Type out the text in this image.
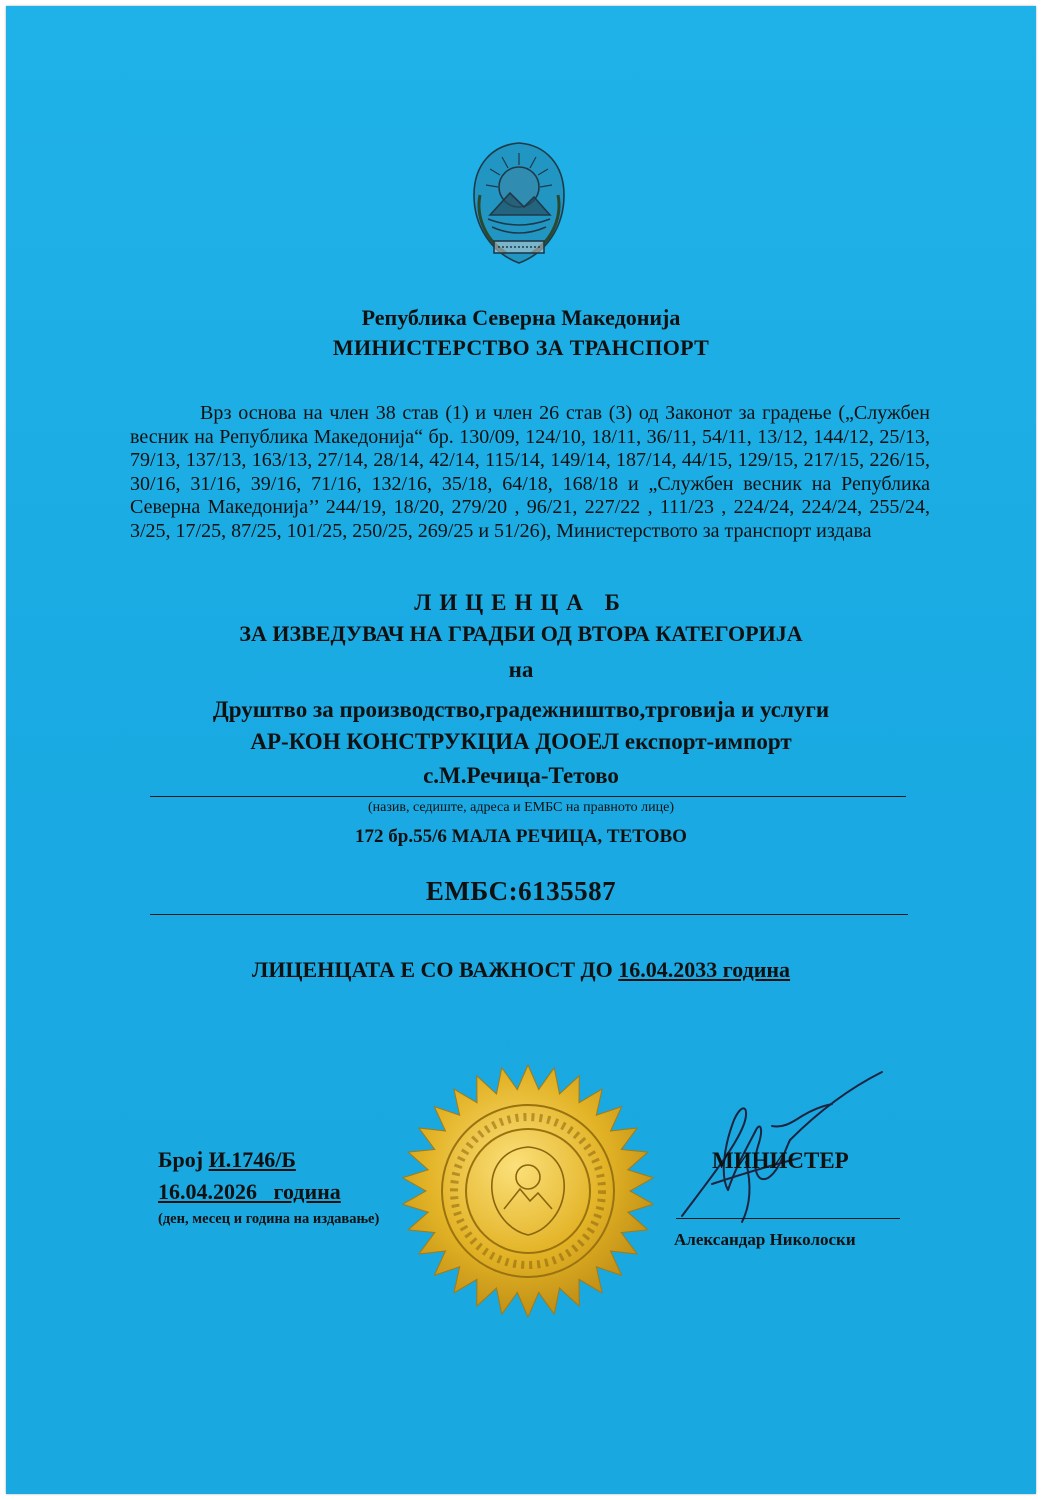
Република Северна Македонија
МИНИСТЕРСТВО ЗА ТРАНСПОРТ
Врз основа на член 38 став (1) и член 26 став (3) од Законот за градење („Службен весник на Република Македонија“ бр. 130/09, 124/10, 18/11, 36/11, 54/11, 13/12, 144/12, 25/13, 79/13, 137/13, 163/13, 27/14, 28/14, 42/14, 115/14, 149/14, 187/14, 44/15, 129/15, 217/15, 226/15, 30/16, 31/16, 39/16, 71/16, 132/16, 35/18, 64/18, 168/18 и „Службен весник на Република Северна Македонија’’ 244/19, 18/20, 279/20 , 96/21, 227/22 , 111/23 , 224/24, 224/24, 255/24, 3/25, 17/25, 87/25, 101/25, 250/25, 269/25 и 51/26), Министерството за транспорт издава
ЛИЦЕНЦА Б
ЗА ИЗВЕДУВАЧ НА ГРАДБИ ОД ВТОРА КАТЕГОРИЈА
на
Друштво за производство,градежништво,трговија и услуги
АР-КОН КОНСТРУКЦИА ДООЕЛ експорт-импорт
с.М.Речица-Тетово
(назив, седиште, адреса и ЕМБС на правното лице)
172 бр.55/6 МАЛА РЕЧИЦА, ТЕТОВО
ЕМБС:6135587
ЛИЦЕНЦАТА Е СО ВАЖНОСТ ДО 16.04.2033 година
Број И.1746/Б
16.04.2026   година
(ден, месец и година на издавање)
МИНИСТЕР
Александар Николоски
